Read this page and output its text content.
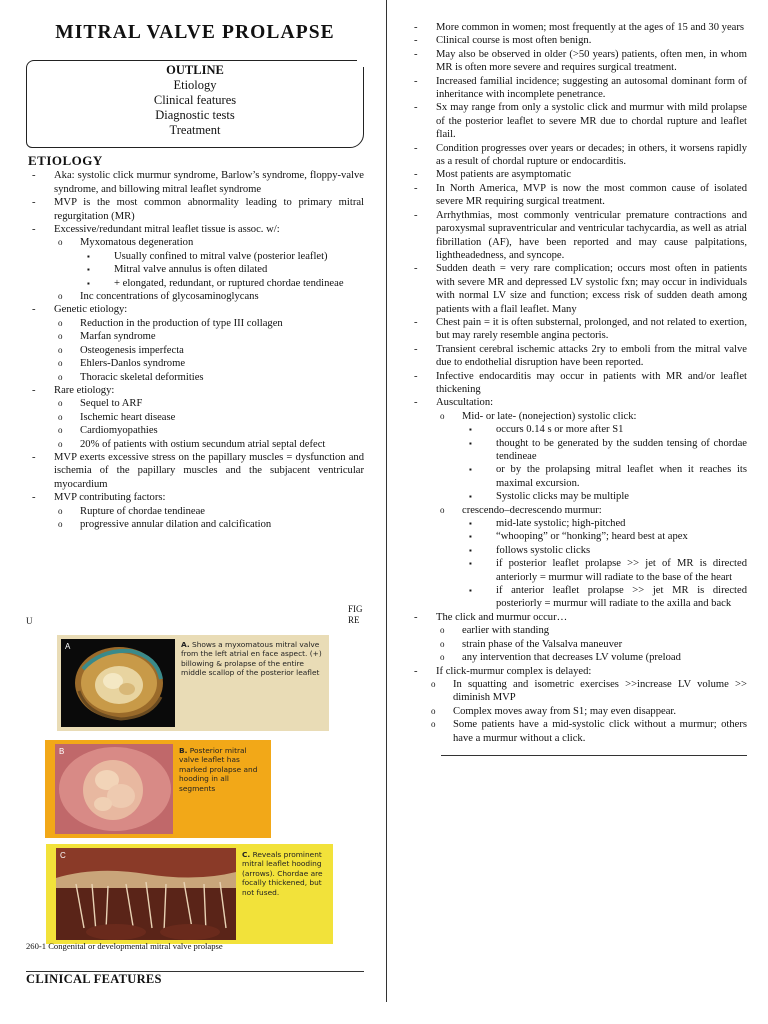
MITRAL VALVE PROLAPSE
OUTLINE
Etiology
Clinical features
Diagnostic tests
Treatment
ETIOLOGY
- Aka: systolic click murmur syndrome, Barlow’s syndrome, floppy-valve syndrome, and billowing mitral leaflet syndrome
- MVP is the most common abnormality leading to primary mitral regurgitation (MR)
- Excessive/redundant mitral leaflet tissue is assoc. w/:
o Myxomatous degeneration
▪ Usually confined to mitral valve (posterior leaflet)
▪ Mitral valve annulus is often dilated
▪ + elongated, redundant, or ruptured chordae tendineae
o Inc concentrations of glycosaminoglycans
- Genetic etiology:
o Reduction in the production of type III collagen
o Marfan syndrome
o Osteogenesis imperfecta
o Ehlers-Danlos syndrome
o Thoracic skeletal deformities
- Rare etiology:
o Sequel to ARF
o Ischemic heart disease
o Cardiomyopathies
o 20% of patients with ostium secundum atrial septal defect
- MVP exerts excessive stress on the papillary muscles = dysfunction and ischemia of the papillary muscles and the subjacent ventricular myocardium
- MVP contributing factors:
o Rupture of chordae tendineae
o progressive annular dilation and calcification
U
FIG
RE
A	A. Shows a myxomatous mitral valve from the left atrial en face aspect. (+) billowing & prolapse of the entire middle scallop of the posterior leaflet
B	B. Posterior mitral valve leaflet has marked prolapse and hooding in all segments
C	C. Reveals prominent mitral leaflet hooding (arrows). Chordae are focally thickened, but not fused.
260-1 Congenital or developmental mitral valve prolapse
CLINICAL FEATURES
- More common in women; most frequently at the ages of 15 and 30 years
- Clinical course is most often benign.
- May also be observed in older (>50 years) patients, often men, in whom MR is often more severe and requires surgical treatment.
- Increased familial incidence; suggesting an autosomal dominant form of inheritance with incomplete penetrance.
- Sx may range from only a systolic click and murmur with mild prolapse of the posterior leaflet to severe MR due to chordal rupture and leaflet flail.
- Condition progresses over years or decades; in others, it worsens rapidly as a result of chordal rupture or endocarditis.
- Most patients are asymptomatic
- In North America, MVP is now the most common cause of isolated severe MR requiring surgical treatment.
- Arrhythmias, most commonly ventricular premature contractions and paroxysmal supraventricular and ventricular tachycardia, as well as atrial fibrillation (AF), have been reported and may cause palpitations, lightheadedness, and syncope.
- Sudden death = very rare complication; occurs most often in patients with severe MR and depressed LV systolic fxn; may occur in individuals with normal LV size and function; excess risk of sudden death among patients with a flail leaflet. Many
- Chest pain = it is often substernal, prolonged, and not related to exertion, but may rarely resemble angina pectoris.
- Transient cerebral ischemic attacks 2ry to emboli from the mitral valve due to endothelial disruption have been reported.
- Infective endocarditis may occur in patients with MR and/or leaflet thickening
- Auscultation:
o Mid- or late- (nonejection) systolic click:
▪ occurs 0.14 s or more after S1
▪ thought to be generated by the sudden tensing of chordae tendineae
▪ or by the prolapsing mitral leaflet when it reaches its maximal excursion.
▪ Systolic clicks may be multiple
o crescendo–decrescendo murmur:
▪ mid-late systolic; high-pitched
▪ “whooping” or “honking”; heard best at apex
▪ follows systolic clicks
▪ if posterior leaflet prolapse >> jet of MR is directed anteriorly = murmur will radiate to the base of the heart
▪ if anterior leaflet prolapse >> jet MR is directed posteriorly = murmur will radiate to the axilla and back
- The click and murmur occur…
o earlier with standing
o strain phase of the Valsalva maneuver
o any intervention that decreases LV volume (preload
- If click-murmur complex is delayed:
o In squatting and isometric exercises >>increase LV volume >> diminish MVP
o Complex moves away from S1; may even disappear.
o Some patients have a mid-systolic click without a murmur; others have a murmur without a click.
